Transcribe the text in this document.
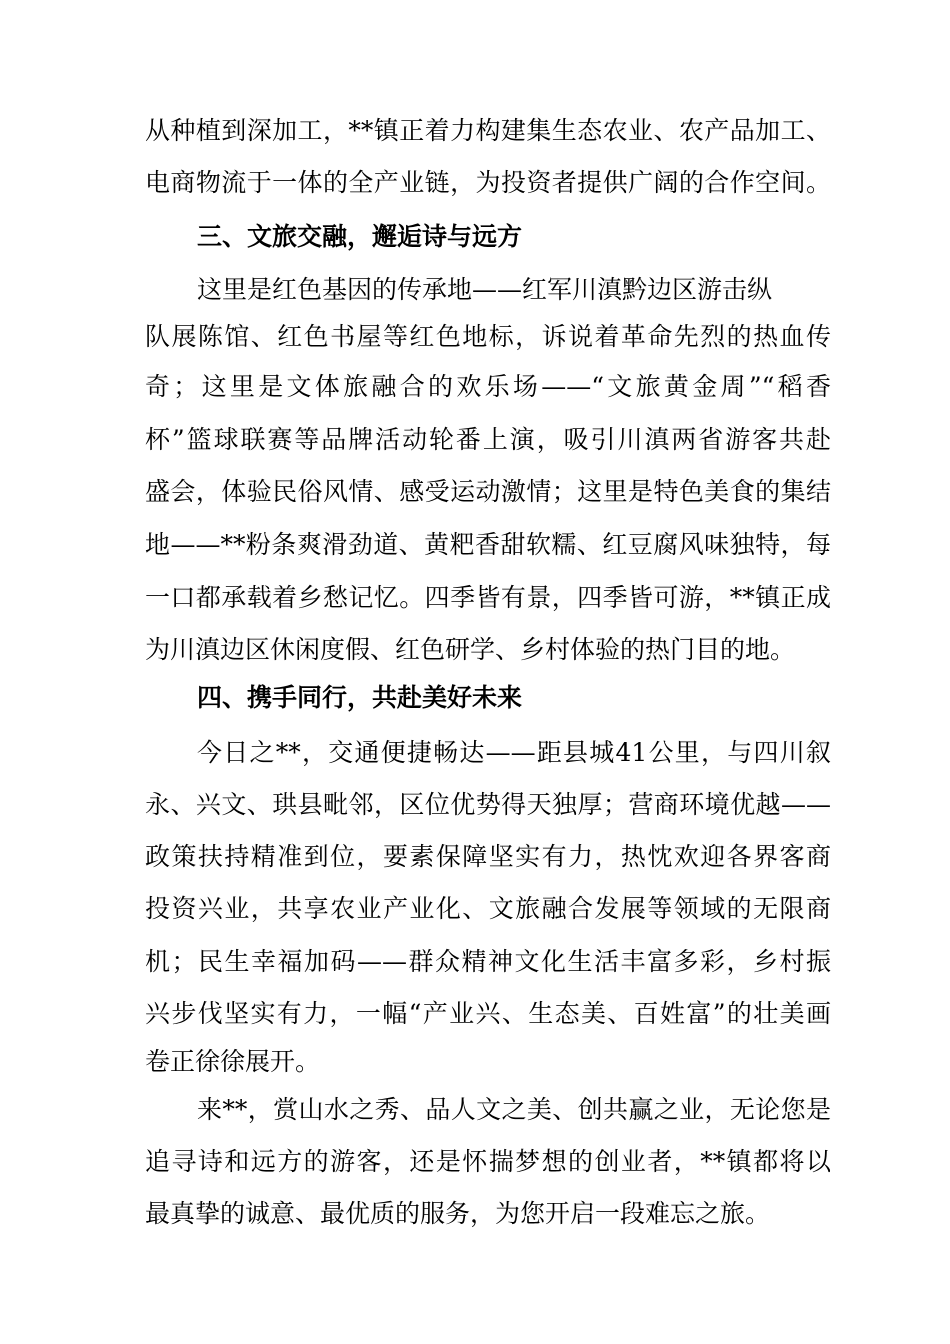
从种植到深加工，**镇正着力构建集生态农业、农产品加工、
电商物流于一体的全产业链，为投资者提供广阔的合作空间。
三、文旅交融，邂逅诗与远方
这里是红色基因的传承地——红军川滇黔边区游击纵
队展陈馆、红色书屋等红色地标，诉说着革命先烈的热血传
奇；这里是文体旅融合的欢乐场——“文旅黄金周”“稻香
杯”篮球联赛等品牌活动轮番上演，吸引川滇两省游客共赴
盛会，体验民俗风情、感受运动激情；这里是特色美食的集结
地——**粉条爽滑劲道、黄粑香甜软糯、红豆腐风味独特，每
一口都承载着乡愁记忆。四季皆有景，四季皆可游，**镇正成
为川滇边区休闲度假、红色研学、乡村体验的热门目的地。
四、携手同行，共赴美好未来
今日之**，交通便捷畅达——距县城41公里，与四川叙
永、兴文、珙县毗邻，区位优势得天独厚；营商环境优越——
政策扶持精准到位，要素保障坚实有力，热忱欢迎各界客商
投资兴业，共享农业产业化、文旅融合发展等领域的无限商
机；民生幸福加码——群众精神文化生活丰富多彩，乡村振
兴步伐坚实有力，一幅“产业兴、生态美、百姓富”的壮美画
卷正徐徐展开。
来**，赏山水之秀、品人文之美、创共赢之业，无论您是
追寻诗和远方的游客，还是怀揣梦想的创业者，**镇都将以
最真挚的诚意、最优质的服务，为您开启一段难忘之旅。
